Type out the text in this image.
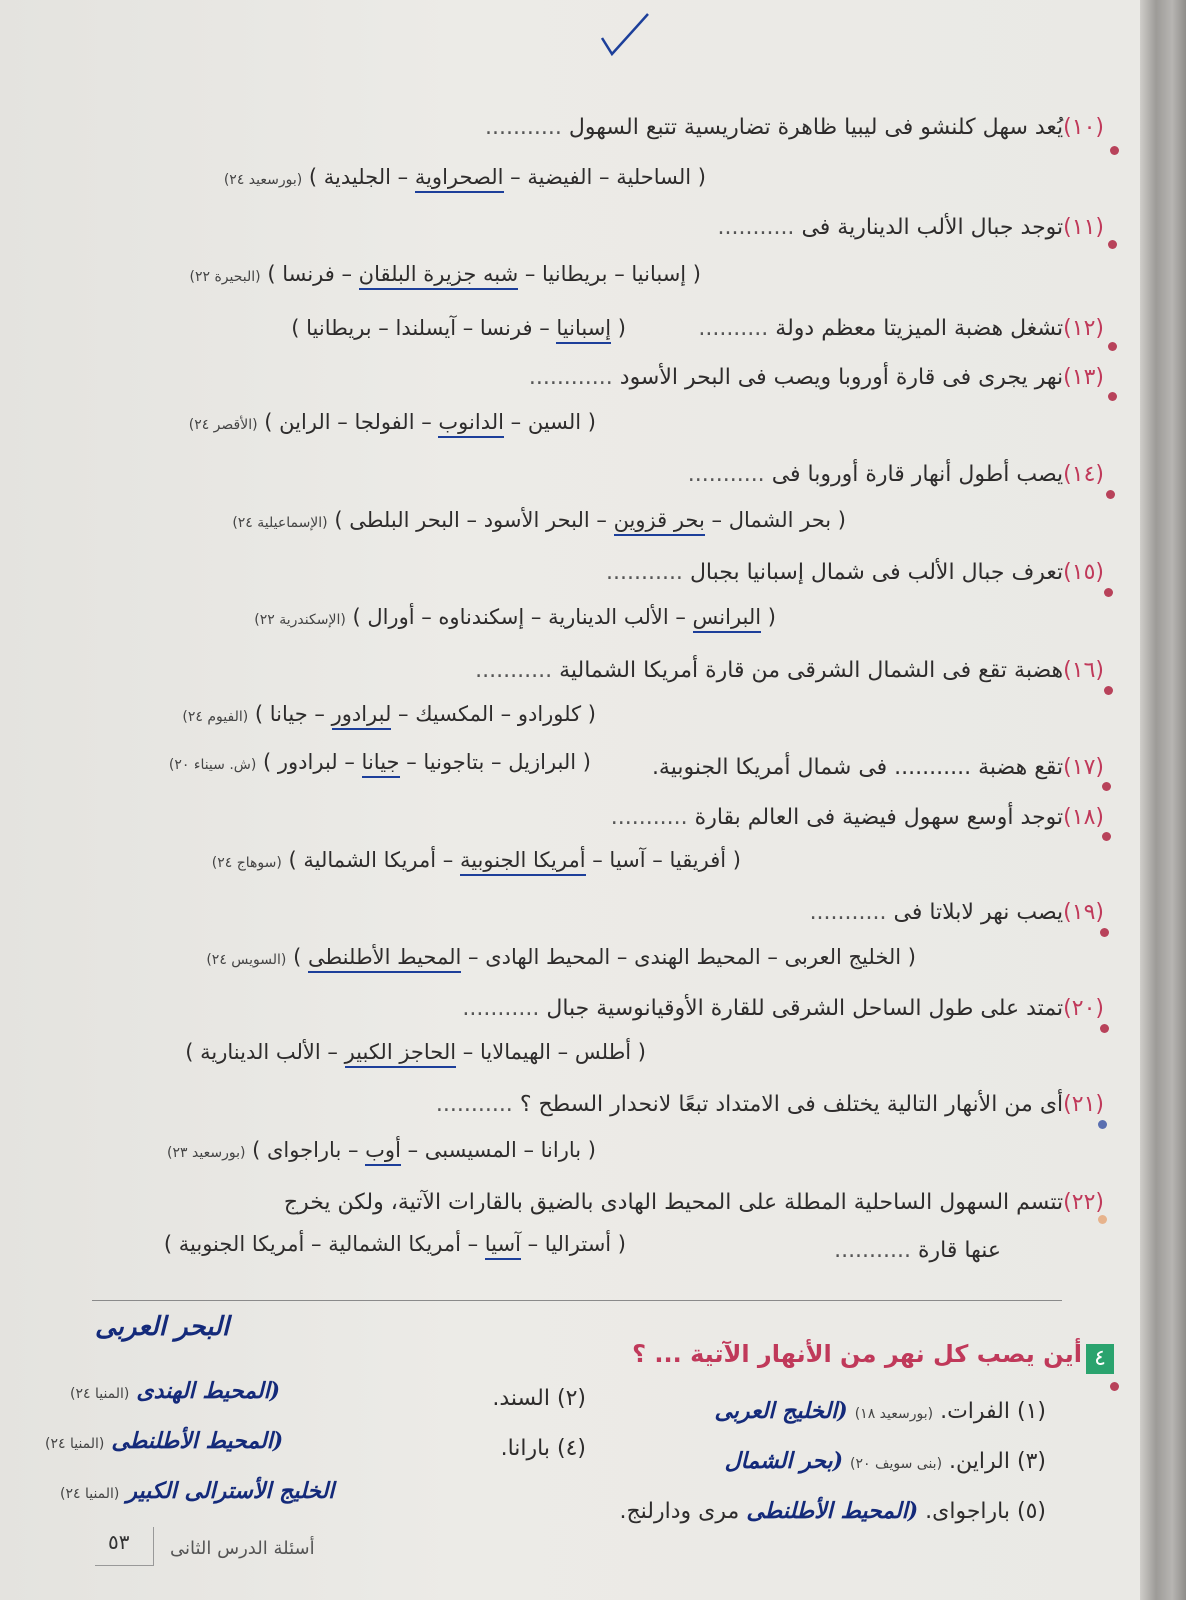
(١٠)يُعد سهل كلنشو فى ليبيا ظاهرة تضاريسية تتبع السهول ...........
( الساحلية – الفيضية – الصحراوية – الجليدية ) (بورسعيد ٢٤)
(١١)توجد جبال الألب الدينارية فى ...........
( إسبانيا – بريطانيا – شبه جزيرة البلقان – فرنسا ) (البحيرة ٢٢)
(١٢)تشغل هضبة الميزيتا معظم دولة ..........
( إسبانيا – فرنسا – آيسلندا – بريطانيا )
(١٣)نهر يجرى فى قارة أوروبا ويصب فى البحر الأسود ............
( السين – الدانوب – الفولجا – الراين ) (الأقصر ٢٤)
(١٤)يصب أطول أنهار قارة أوروبا فى ...........
( بحر الشمال – بحر قزوين – البحر الأسود – البحر البلطى ) (الإسماعيلية ٢٤)
(١٥)تعرف جبال الألب فى شمال إسبانيا بجبال ...........
( البرانس – الألب الدينارية – إسكندناوه – أورال ) (الإسكندرية ٢٢)
(١٦)هضبة تقع فى الشمال الشرقى من قارة أمريكا الشمالية ...........
( كلورادو – المكسيك – لبرادور – جيانا ) (الفيوم ٢٤)
(١٧)تقع هضبة ........... فى شمال أمريكا الجنوبية.
( البرازيل – بتاجونيا – جيانا – لبرادور ) (ش. سيناء ٢٠)
(١٨)توجد أوسع سهول فيضية فى العالم بقارة ...........
( أفريقيا – آسيا – أمريكا الجنوبية – أمريكا الشمالية ) (سوهاج ٢٤)
(١٩)يصب نهر لابلاتا فى ...........
( الخليج العربى – المحيط الهندى – المحيط الهادى – المحيط الأطلنطى ) (السويس ٢٤)
(٢٠)تمتد على طول الساحل الشرقى للقارة الأوقيانوسية جبال ...........
( أطلس – الهيمالايا – الحاجز الكبير – الألب الدينارية )
(٢١)أى من الأنهار التالية يختلف فى الامتداد تبعًا لانحدار السطح ؟ ...........
( بارانا – المسيسبى – أوب – باراجواى ) (بورسعيد ٢٣)
(٢٢)تتسم السهول الساحلية المطلة على المحيط الهادى بالضيق بالقارات الآتية، ولكن يخرج
عنها قارة ...........
( أستراليا – آسيا – أمريكا الشمالية – أمريكا الجنوبية )
٤
أين يصب كل نهر من الأنهار الآتية ... ؟
البحر العربى
(١) الفرات. (بورسعيد ١٨) (الخليج العربى
(٢) السند.
(المحيط الهندى (المنيا ٢٤)
(٣) الراين. (بنى سويف ٢٠) (بحر الشمال
(٤) بارانا.
(المحيط الأطلنطى (المنيا ٢٤)
(٥) باراجواى. (المحيط الأطلنطى مرى ودارلنج.
الخليج الأسترالى الكبير (المنيا ٢٤)
٥٣ أسئلة الدرس الثانى
